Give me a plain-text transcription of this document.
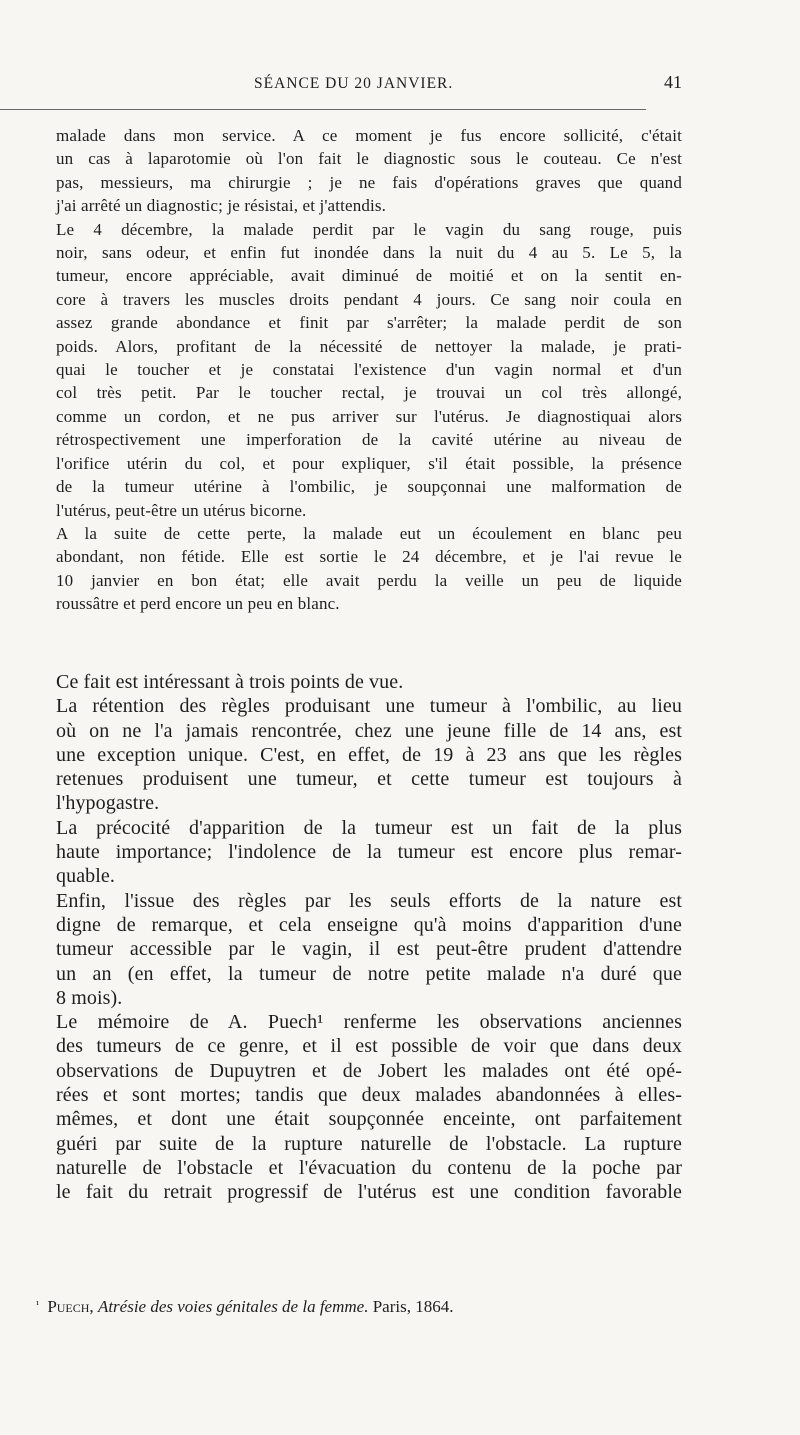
SÉANCE DU 20 JANVIER.	41

malade dans mon service. A ce moment je fus encore sollicité, c'était
un cas à laparotomie où l'on fait le diagnostic sous le couteau. Ce n'est
pas, messieurs, ma chirurgie ; je ne fais d'opérations graves que quand
j'ai arrêté un diagnostic; je résistai, et j'attendis.

Le 4 décembre, la malade perdit par le vagin du sang rouge, puis
noir, sans odeur, et enfin fut inondée dans la nuit du 4 au 5. Le 5, la
tumeur, encore appréciable, avait diminué de moitié et on la sentit en-
core à travers les muscles droits pendant 4 jours. Ce sang noir coula en
assez grande abondance et finit par s'arrêter; la malade perdit de son
poids. Alors, profitant de la nécessité de nettoyer la malade, je prati-
quai le toucher et je constatai l'existence d'un vagin normal et d'un
col très petit. Par le toucher rectal, je trouvai un col très allongé,
comme un cordon, et ne pus arriver sur l'utérus. Je diagnostiquai alors
rétrospectivement une imperforation de la cavité utérine au niveau de
l'orifice utérin du col, et pour expliquer, s'il était possible, la présence
de la tumeur utérine à l'ombilic, je soupçonnai une malformation de
l'utérus, peut-être un utérus bicorne.

A la suite de cette perte, la malade eut un écoulement en blanc peu
abondant, non fétide. Elle est sortie le 24 décembre, et je l'ai revue le
10 janvier en bon état; elle avait perdu la veille un peu de liquide
roussâtre et perd encore un peu en blanc.

Ce fait est intéressant à trois points de vue.

La rétention des règles produisant une tumeur à l'ombilic, au lieu
où on ne l'a jamais rencontrée, chez une jeune fille de 14 ans, est
une exception unique. C'est, en effet, de 19 à 23 ans que les règles
retenues produisent une tumeur, et cette tumeur est toujours à
l'hypogastre.

La précocité d'apparition de la tumeur est un fait de la plus
haute importance; l'indolence de la tumeur est encore plus remar-
quable.

Enfin, l'issue des règles par les seuls efforts de la nature est
digne de remarque, et cela enseigne qu'à moins d'apparition d'une
tumeur accessible par le vagin, il est peut-être prudent d'attendre
un an (en effet, la tumeur de notre petite malade n'a duré que
8 mois).

Le mémoire de A. Puech¹ renferme les observations anciennes
des tumeurs de ce genre, et il est possible de voir que dans deux
observations de Dupuytren et de Jobert les malades ont été opé-
rées et sont mortes; tandis que deux malades abandonnées à elles-
mêmes, et dont une était soupçonnée enceinte, ont parfaitement
guéri par suite de la rupture naturelle de l'obstacle. La rupture
naturelle de l'obstacle et l'évacuation du contenu de la poche par
le fait du retrait progressif de l'utérus est une condition favorable

$^{^1}$ Puech, Atrésie des voies génitales de la femme. Paris, 1864.
